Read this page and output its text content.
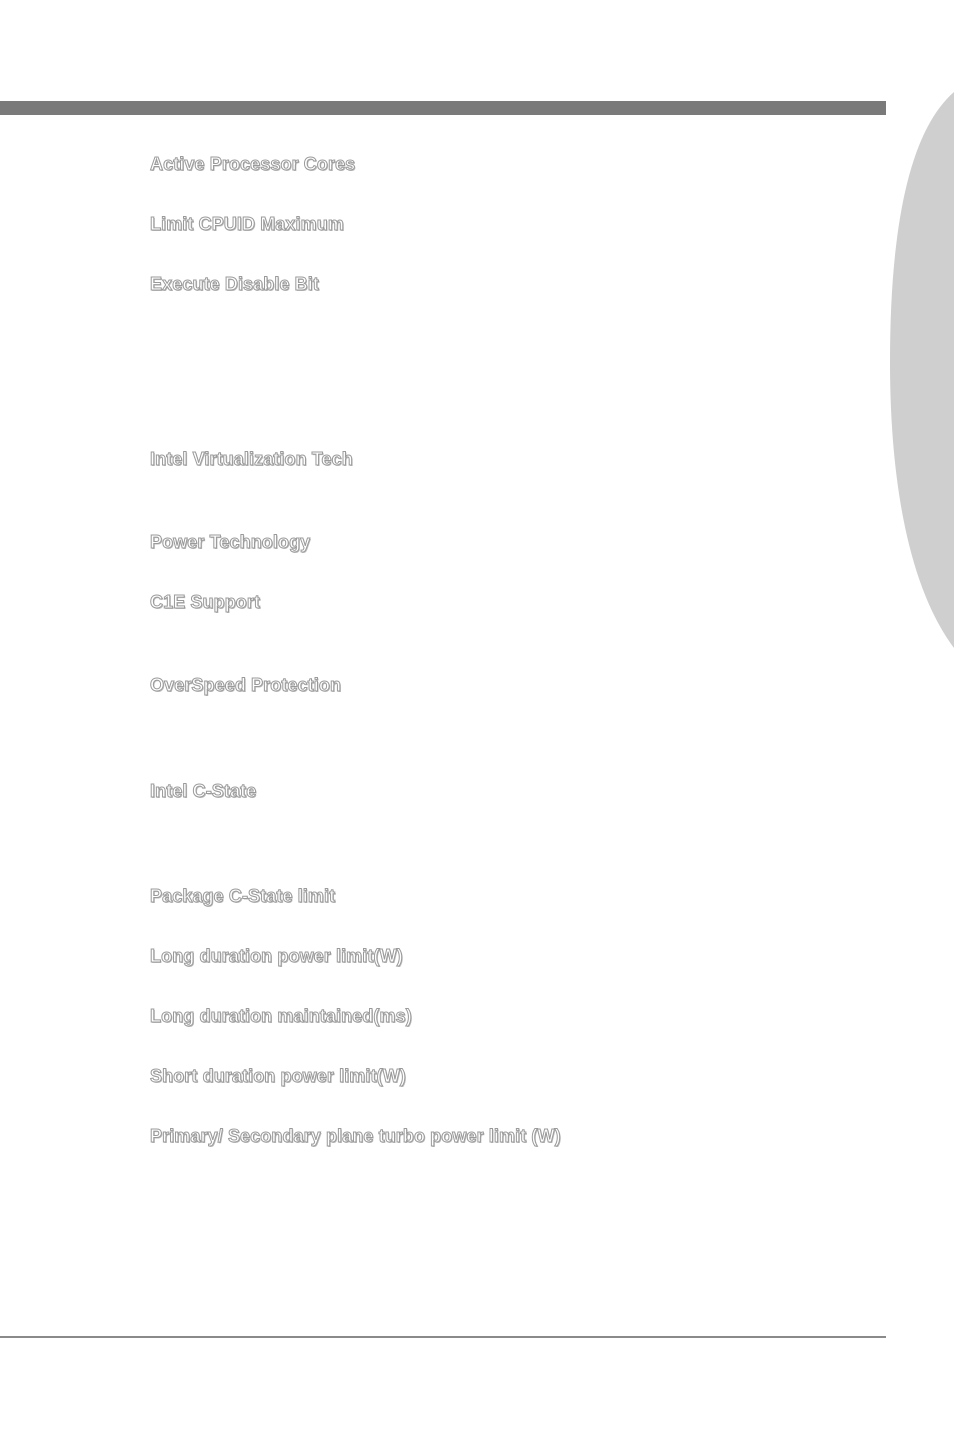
Active Processor Cores
Limit CPUID Maximum
Execute Disable Bit
Intel Virtualization Tech
Power Technology
C1E Support
OverSpeed Protection
Intel C-State
Package C-State limit
Long duration power limit(W)
Long duration maintained(ms)
Short duration power limit(W)
Primary/ Secondary plane turbo power limit (W)
